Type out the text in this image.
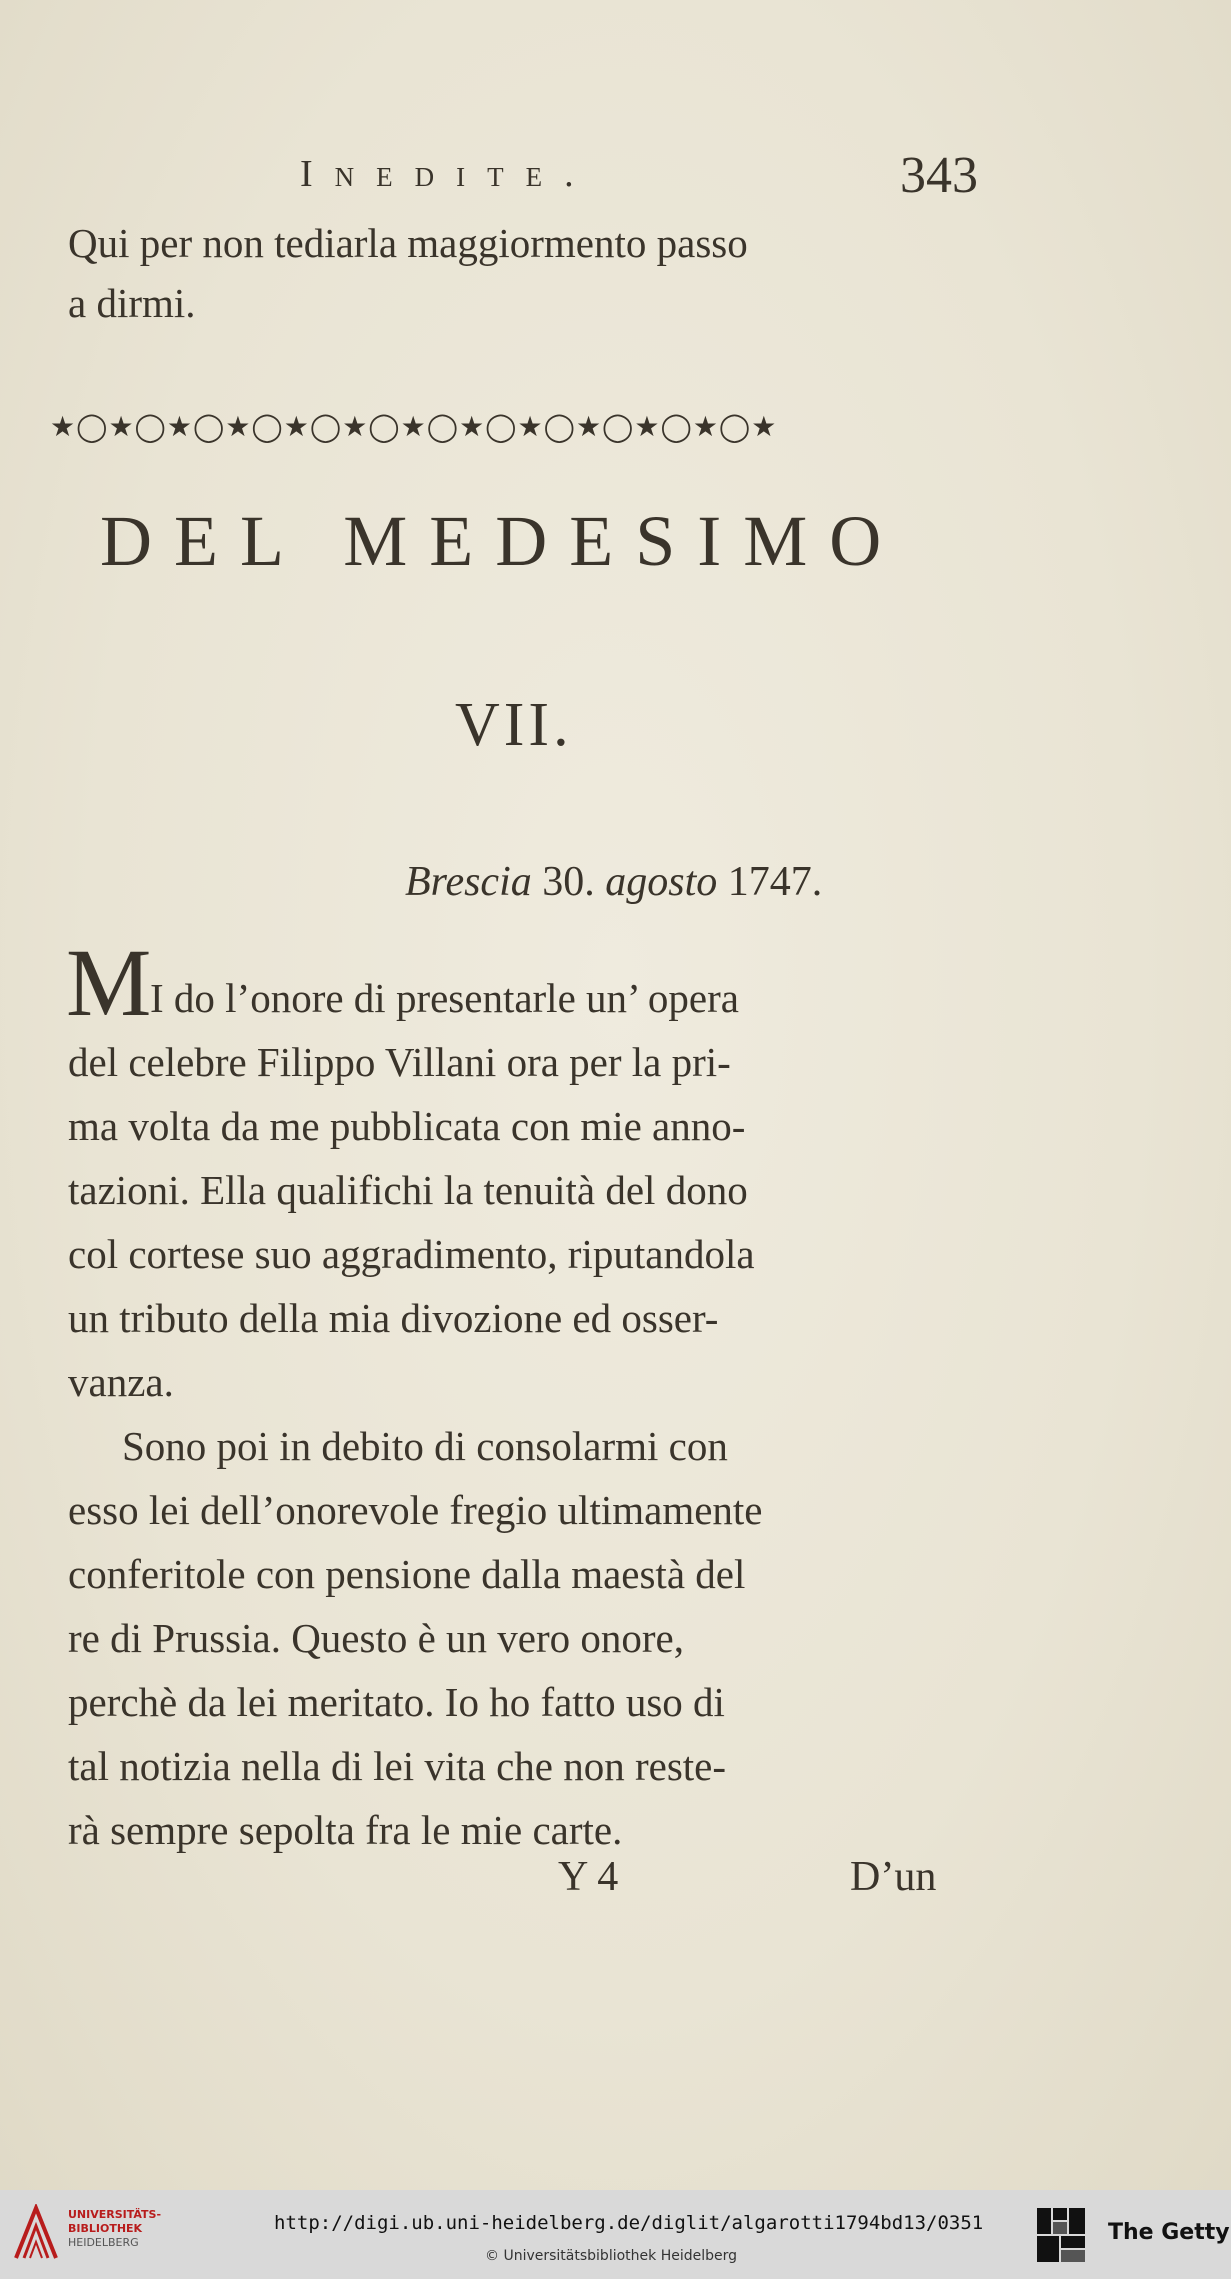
Inedite.	343
Qui per non tediarla maggiormento passo
a dirmi.
★◯★◯★◯★◯★◯★◯★◯★◯★◯★◯★◯★◯★
DEL MEDESIMO
VII.
Brescia 30. agosto 1747.
M
I do l’onore di presentarle un’ opera
del celebre Filippo Villani ora per la pri-
ma volta da me pubblicata con mie anno-
tazioni. Ella qualifichi la tenuità del dono
col cortese suo aggradimento, riputandola
un tributo della mia divozione ed osser-
vanza.
Sono poi in debito di consolarmi con
esso lei dell’onorevole fregio ultimamente
conferitole con pensione dalla maestà del
re di Prussia. Questo è un vero onore,
perchè da lei meritato. Io ho fatto uso di
tal notizia nella di lei vita che non reste-
rà sempre sepolta fra le mie carte.
Y 4	D’un
UNIVERSITÄTS-
BIBLIOTHEK
HEIDELBERG
http://digi.ub.uni-heidelberg.de/diglit/algarotti1794bd13/0351
© Universitätsbibliothek Heidelberg
The Getty
